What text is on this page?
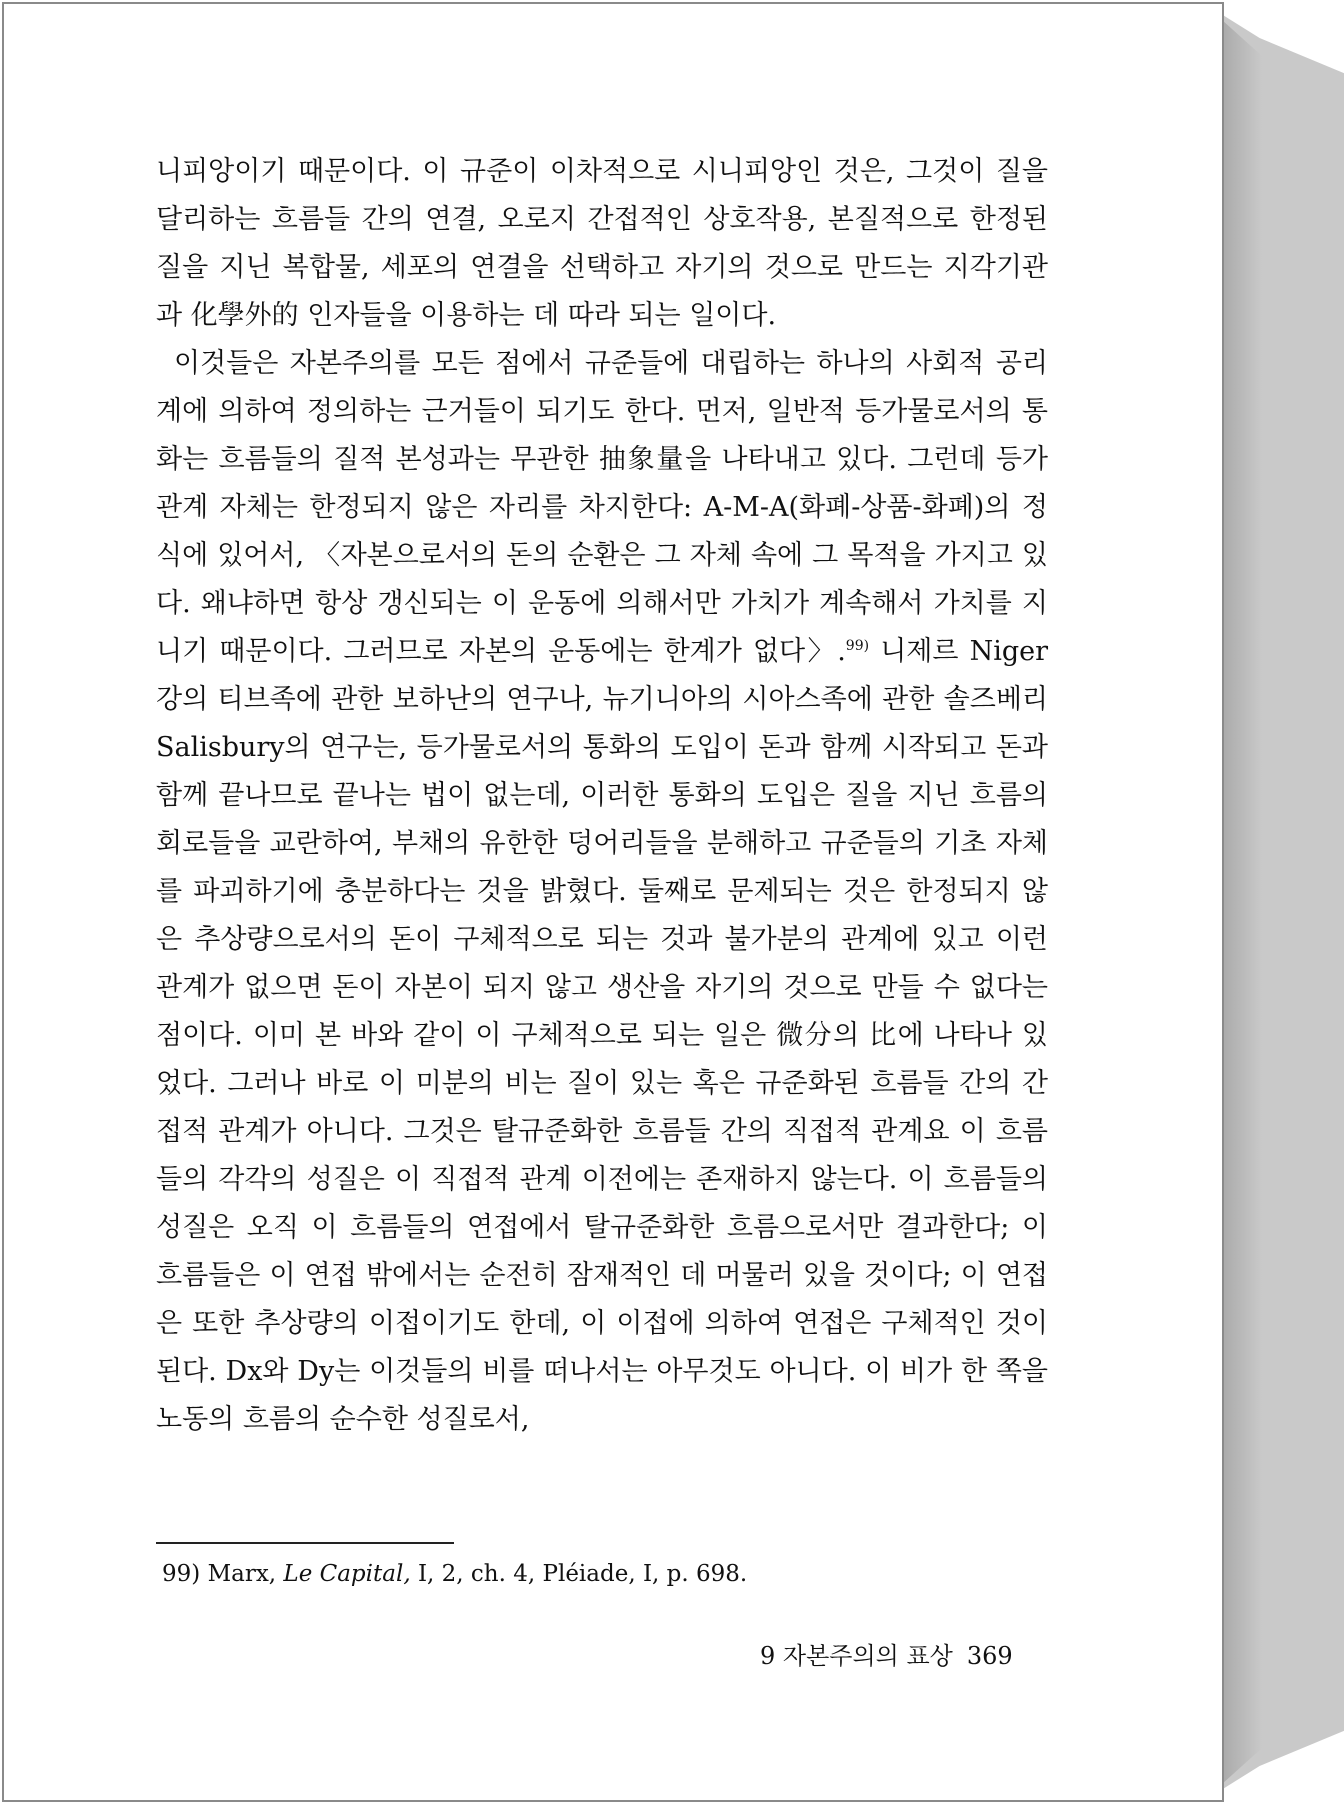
니피앙이기 때문이다. 이 규준이 이차적으로 시니피앙인 것은, 그것이 질을 달리하는 흐름들 간의 연결, 오로지 간접적인 상호작용, 본질적으로 한정된 질을 지닌 복합물, 세포의 연결을 선택하고 자기의 것으로 만드는 지각기관과 化學外的 인자들을 이용하는 데 따라 되는 일이다.

이것들은 자본주의를 모든 점에서 규준들에 대립하는 하나의 사회적 공리계에 의하여 정의하는 근거들이 되기도 한다. 먼저, 일반적 등가물로서의 통화는 흐름들의 질적 본성과는 무관한 抽象量을 나타내고 있다. 그런데 등가관계 자체는 한정되지 않은 자리를 차지한다: A-M-A(화폐-상품-화폐)의 정식에 있어서, 〈자본으로서의 돈의 순환은 그 자체 속에 그 목적을 가지고 있다. 왜냐하면 항상 갱신되는 이 운동에 의해서만 가치가 계속해서 가치를 지니기 때문이다. 그러므로 자본의 운동에는 한계가 없다〉.$^{99)}$ 니제르 Niger 강의 티브족에 관한 보하난의 연구나, 뉴기니아의 시아스족에 관한 솔즈베리 Salisbury의 연구는, 등가물로서의 통화의 도입이 돈과 함께 시작되고 돈과 함께 끝나므로 끝나는 법이 없는데, 이러한 통화의 도입은 질을 지닌 흐름의 회로들을 교란하여, 부채의 유한한 덩어리들을 분해하고 규준들의 기초 자체를 파괴하기에 충분하다는 것을 밝혔다. 둘째로 문제되는 것은 한정되지 않은 추상량으로서의 돈이 구체적으로 되는 것과 불가분의 관계에 있고 이런 관계가 없으면 돈이 자본이 되지 않고 생산을 자기의 것으로 만들 수 없다는 점이다. 이미 본 바와 같이 이 구체적으로 되는 일은 微分의 比에 나타나 있었다. 그러나 바로 이 미분의 비는 질이 있는 혹은 규준화된 흐름들 간의 간접적 관계가 아니다. 그것은 탈규준화한 흐름들 간의 직접적 관계요 이 흐름들의 각각의 성질은 이 직접적 관계 이전에는 존재하지 않는다. 이 흐름들의 성질은 오직 이 흐름들의 연접에서 탈규준화한 흐름으로서만 결과한다; 이 흐름들은 이 연접 밖에서는 순전히 잠재적인 데 머물러 있을 것이다; 이 연접은 또한 추상량의 이접이기도 한데, 이 이접에 의하여 연접은 구체적인 것이 된다. Dx와 Dy는 이것들의 비를 떠나서는 아무것도 아니다. 이 비가 한 쪽을 노동의 흐름의 순수한 성질로서,

99) Marx, Le Capital, Ⅰ, 2, ch. 4, Pléiade, I, p. 698.
9 자본주의의 표상 369
